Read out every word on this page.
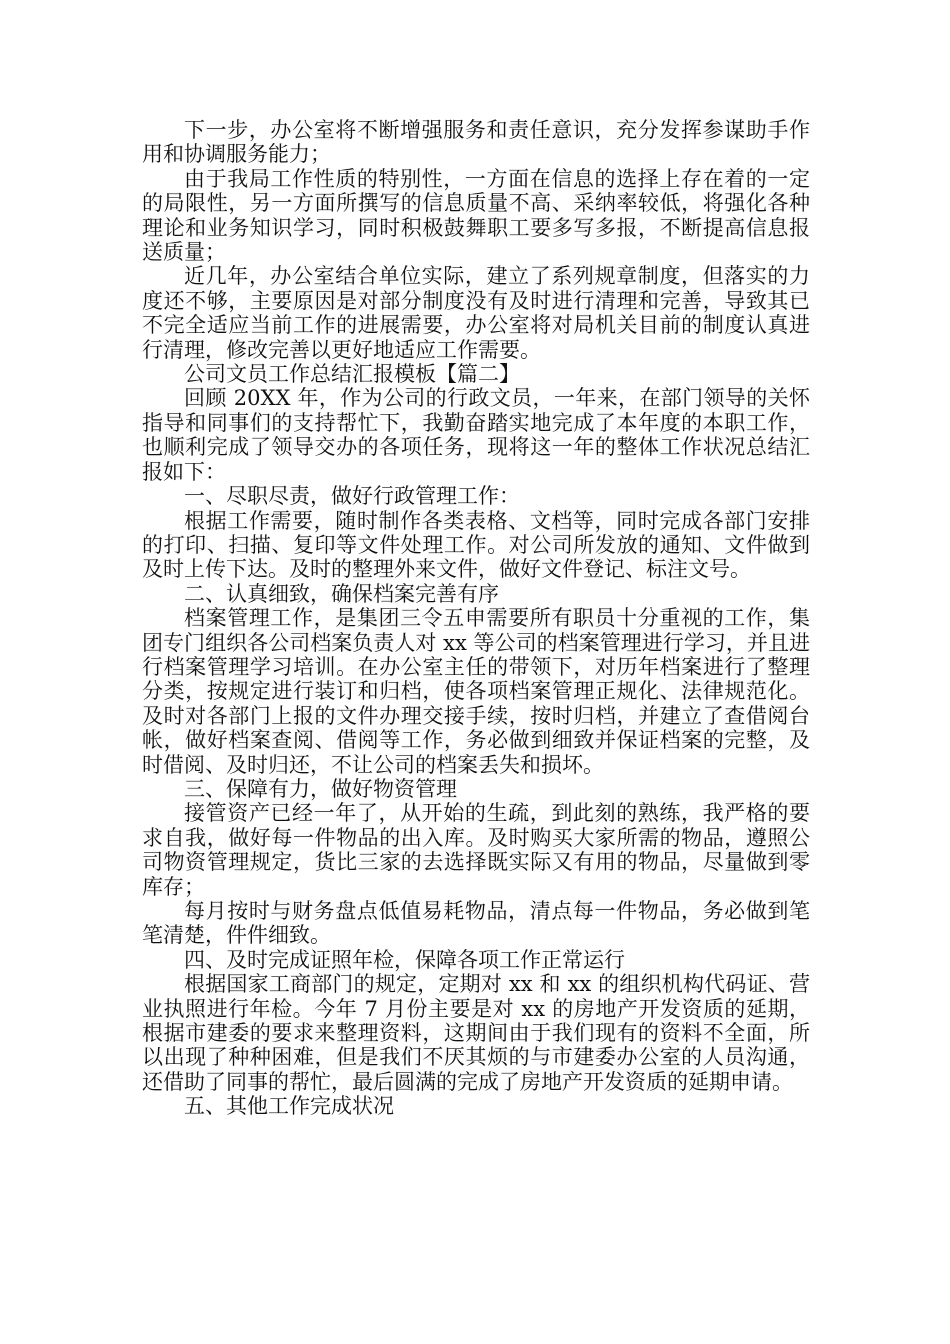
下一步，办公室将不断增强服务和责任意识，充分发挥参谋助手作用和协调服务能力；

由于我局工作性质的特别性，一方面在信息的选择上存在着的一定的局限性，另一方面所撰写的信息质量不高、采纳率较低，将强化各种理论和业务知识学习，同时积极鼓舞职工要多写多报，不断提高信息报送质量；

近几年，办公室结合单位实际，建立了系列规章制度，但落实的力度还不够，主要原因是对部分制度没有及时进行清理和完善，导致其已不完全适应当前工作的进展需要，办公室将对局机关目前的制度认真进行清理，修改完善以更好地适应工作需要。

公司文员工作总结汇报模板【篇二】

回顾 20XX 年，作为公司的行政文员，一年来，在部门领导的关怀指导和同事们的支持帮忙下，我勤奋踏实地完成了本年度的本职工作，也顺利完成了领导交办的各项任务，现将这一年的整体工作状况总结汇报如下：

一、尽职尽责，做好行政管理工作：

根据工作需要，随时制作各类表格、文档等，同时完成各部门安排的打印、扫描、复印等文件处理工作。对公司所发放的通知、文件做到及时上传下达。及时的整理外来文件，做好文件登记、标注文号。

二、认真细致，确保档案完善有序

档案管理工作，是集团三令五申需要所有职员十分重视的工作，集团专门组织各公司档案负责人对 xx 等公司的档案管理进行学习，并且进行档案管理学习培训。在办公室主任的带领下，对历年档案进行了整理分类，按规定进行装订和归档，使各项档案管理正规化、法律规范化。及时对各部门上报的文件办理交接手续，按时归档，并建立了查借阅台帐，做好档案查阅、借阅等工作，务必做到细致并保证档案的完整，及时借阅、及时归还，不让公司的档案丢失和损坏。

三、保障有力，做好物资管理

接管资产已经一年了，从开始的生疏，到此刻的熟练，我严格的要求自我，做好每一件物品的出入库。及时购买大家所需的物品，遵照公司物资管理规定，货比三家的去选择既实际又有用的物品，尽量做到零库存；

每月按时与财务盘点低值易耗物品，清点每一件物品，务必做到笔笔清楚，件件细致。

四、及时完成证照年检，保障各项工作正常运行

根据国家工商部门的规定，定期对 xx 和 xx 的组织机构代码证、营业执照进行年检。今年 7 月份主要是对 xx 的房地产开发资质的延期，根据市建委的要求来整理资料，这期间由于我们现有的资料不全面，所以出现了种种困难，但是我们不厌其烦的与市建委办公室的人员沟通，还借助了同事的帮忙，最后圆满的完成了房地产开发资质的延期申请。

五、其他工作完成状况
